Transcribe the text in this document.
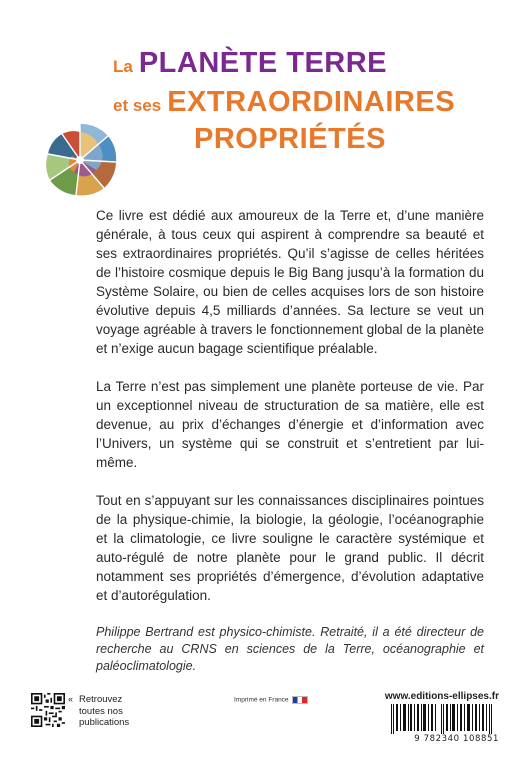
La PLANÈTE TERRE
et ses EXTRAORDINAIRES
PROPRIÉTÉS

Ce livre est dédié aux amoureux de la Terre et, d’une manière générale, à tous ceux qui aspirent à comprendre sa beauté et ses extraordinaires propriétés. Qu’il s’agisse de celles héritées de l’histoire cosmique depuis le Big Bang jusqu’à la formation du Système Solaire, ou bien de celles acquises lors de son histoire évolutive depuis 4,5 milliards d’années. Sa lecture se veut un voyage agréable à travers le fonctionnement global de la planète et n’exige aucun bagage scientifique préalable.

La Terre n’est pas simplement une planète porteuse de vie. Par un exceptionnel niveau de structuration de sa matière, elle est devenue, au prix d’échanges d’énergie et d’information avec l’Univers, un système qui se construit et s’entretient par lui-même.

Tout en s’appuyant sur les connaissances disciplinaires pointues de la physique-chimie, la biologie, la géologie, l’océanographie et la climatologie, ce livre souligne le caractère systémique et auto-régulé de notre planète pour le grand public. Il décrit notamment ses propriétés d’émergence, d’évolution adaptative et d’autorégulation.

Philippe Bertrand est physico-chimiste. Retraité, il a été directeur de recherche au CRNS en sciences de la Terre, océanographie et paléoclimatologie.

« Retrouvez
toutes nos
publications
Imprimé en France	www.editions-ellipses.fr
9 782340 108851
